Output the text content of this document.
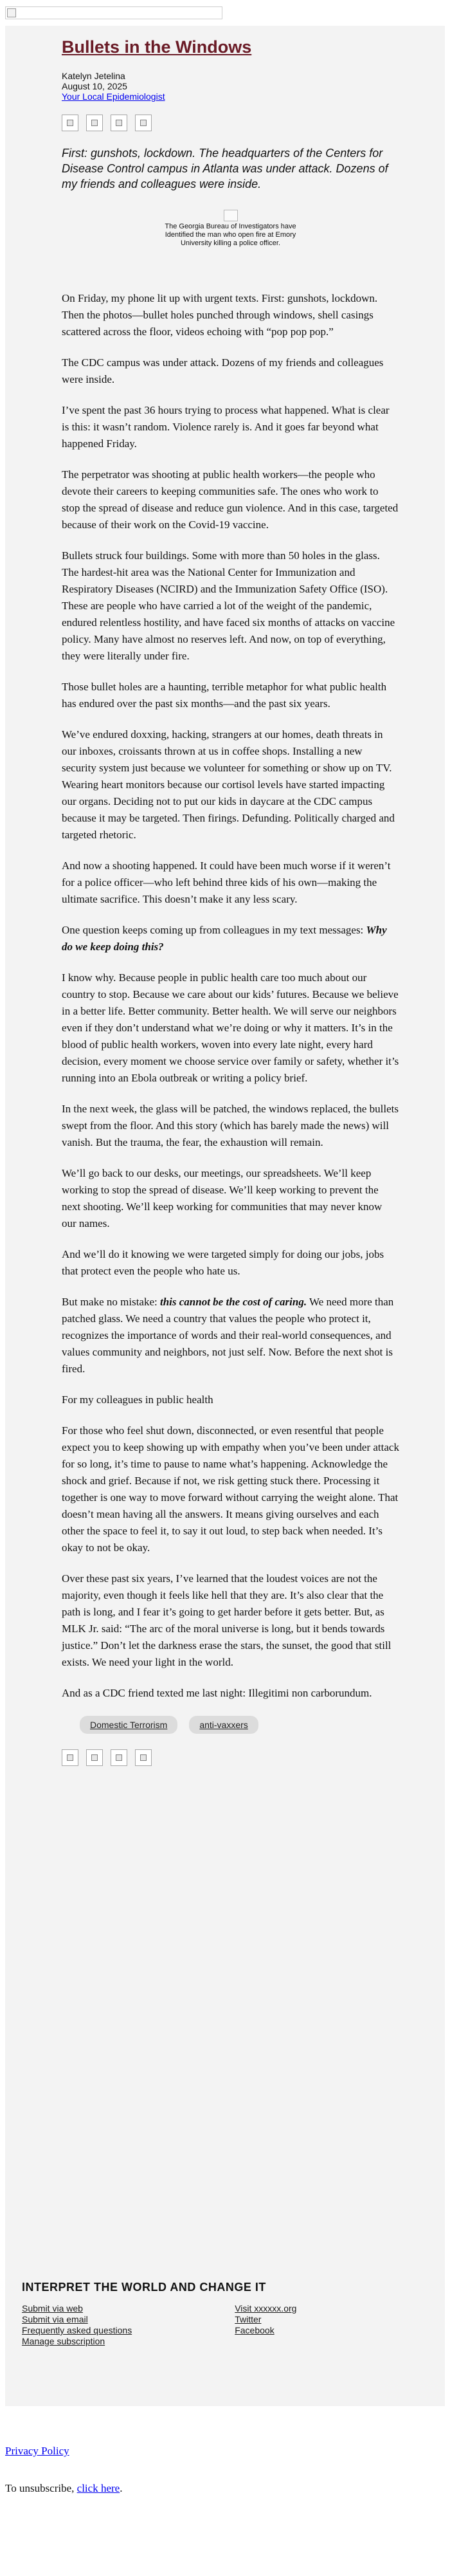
Bullets in the Windows
Katelyn Jetelina
August 10, 2025
Your Local Epidemiologist
First: gunshots, lockdown. The headquarters of the Centers for Disease Control campus in Atlanta was under attack. Dozens of my friends and colleagues were inside.
The Georgia Bureau of Investigators have Identified the man who open fire at Emory University killing a police officer.

On Friday, my phone lit up with urgent texts. First: gunshots, lockdown. Then the photos—bullet holes punched through windows, shell casings scattered across the floor, videos echoing with “pop pop pop.”

The CDC campus was under attack. Dozens of my friends and colleagues were inside.

I’ve spent the past 36 hours trying to process what happened. What is clear is this: it wasn’t random. Violence rarely is. And it goes far beyond what happened Friday.

The perpetrator was shooting at public health workers—the people who devote their careers to keeping communities safe. The ones who work to stop the spread of disease and reduce gun violence. And in this case, targeted because of their work on the Covid-19 vaccine.

Bullets struck four buildings. Some with more than 50 holes in the glass. The hardest-hit area was the National Center for Immunization and Respiratory Diseases (NCIRD) and the Immunization Safety Office (ISO). These are people who have carried a lot of the weight of the pandemic, endured relentless hostility, and have faced six months of attacks on vaccine policy. Many have almost no reserves left. And now, on top of everything, they were literally under fire.

Those bullet holes are a haunting, terrible metaphor for what public health has endured over the past six months—and the past six years.

We’ve endured doxxing, hacking, strangers at our homes, death threats in our inboxes, croissants thrown at us in coffee shops. Installing a new security system just because we volunteer for something or show up on TV. Wearing heart monitors because our cortisol levels have started impacting our organs. Deciding not to put our kids in daycare at the CDC campus because it may be targeted. Then firings. Defunding. Politically charged and targeted rhetoric.

And now a shooting happened. It could have been much worse if it weren’t for a police officer—who left behind three kids of his own—making the ultimate sacrifice. This doesn’t make it any less scary.

One question keeps coming up from colleagues in my text messages: Why do we keep doing this?

I know why. Because people in public health care too much about our country to stop. Because we care about our kids’ futures. Because we believe in a better life. Better community. Better health. We will serve our neighbors even if they don’t understand what we’re doing or why it matters. It’s in the blood of public health workers, woven into every late night, every hard decision, every moment we choose service over family or safety, whether it’s running into an Ebola outbreak or writing a policy brief.

In the next week, the glass will be patched, the windows replaced, the bullets swept from the floor. And this story (which has barely made the news) will vanish. But the trauma, the fear, the exhaustion will remain.

We’ll go back to our desks, our meetings, our spreadsheets. We’ll keep working to stop the spread of disease. We’ll keep working to prevent the next shooting. We’ll keep working for communities that may never know our names.

And we’ll do it knowing we were targeted simply for doing our jobs, jobs that protect even the people who hate us.

But make no mistake: this cannot be the cost of caring. We need more than patched glass. We need a country that values the people who protect it, recognizes the importance of words and their real-world consequences, and values community and neighbors, not just self. Now. Before the next shot is fired.

For my colleagues in public health

For those who feel shut down, disconnected, or even resentful that people expect you to keep showing up with empathy when you’ve been under attack for so long, it’s time to pause to name what’s happening. Acknowledge the shock and grief. Because if not, we risk getting stuck there. Processing it together is one way to move forward without carrying the weight alone. That doesn’t mean having all the answers. It means giving ourselves and each other the space to feel it, to say it out loud, to step back when needed. It’s okay to not be okay.

Over these past six years, I’ve learned that the loudest voices are not the majority, even though it feels like hell that they are. It’s also clear that the path is long, and I fear it’s going to get harder before it gets better. But, as MLK Jr. said: “The arc of the moral universe is long, but it bends towards justice.” Don’t let the darkness erase the stars, the sunset, the good that still exists. We need your light in the world.

And as a CDC friend texted me last night: Illegitimi non carborundum.

Domestic Terrorism	anti-vaxxers
INTERPRET THE WORLD AND CHANGE IT
Submit via web
Submit via email
Frequently asked questions
Manage subscription
Visit xxxxxx.org
Twitter
Facebook
Privacy Policy
To unsubscribe, click here.
